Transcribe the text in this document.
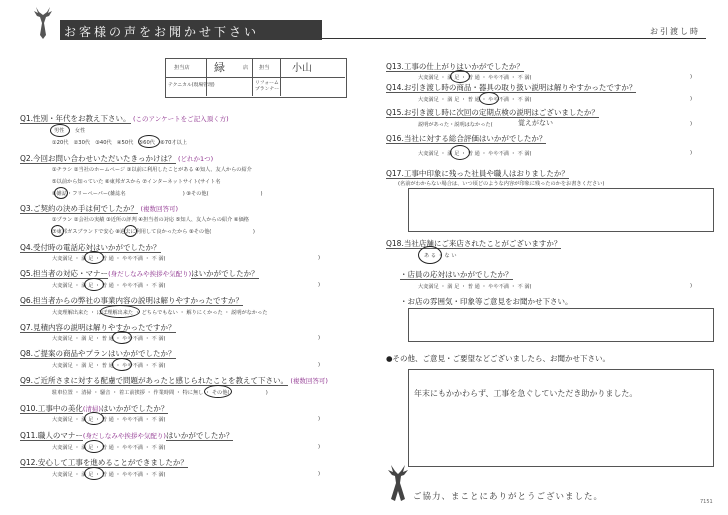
お客様の声をお聞かせ下さい	お引渡し時
担当店 緑	店 担当 小山
テクニカル(現場管理)	リフォーム プランナー
Q1.性別・年代をお教え下さい。 (このアンケートをご記入頂く方)
男性　　女性
①20代　②30代　③40代　④50代　⑤60代　⑥70才以上
Q2.今回お問い合わせいただいたきっかけは？ (どれか1つ)
①チラシ ②当社のホームページ ③以前に利用したことがある ④知人、友人からの紹介
⑤以前から知っていた ⑥東邦ガスから ⑦インターネットサイト(サイト名
⑧雑誌・フリーペーパー(雑誌名　　　　　　　　　　　) ⑨その他(　　　　　　　　　　)
Q3.ご契約の決め手は何でしたか？ (複数回答可)
①プラン ②会社の実績 ③近所の評判 ④担当者の対応 ⑤知人、友人からの紹介 ⑥価格
⑦東邦ガスブランドで安心 ⑧過去に利用して良かったから ⑨その他(　　　　　　　　)
Q4.受付時の電話応対はいかがでしたか？
大変満足 ・ 満 足 ・ 普 通 ・ やや不満 ・ 不 満(	)
Q5.担当者の対応・マナー(身だしなみや挨拶や気配り)はいかがでしたか？
大変満足 ・ 満 足 ・ 普 通 ・ やや不満 ・ 不 満(	)
Q6.担当者からの弊社の事業内容の説明は解りやすかったですか？
大変理解出来た ・ ほぼ理解出来た ・ どちらでもない ・ 解りにくかった ・ 説明がなかった
Q7.見積内容の説明は解りやすかったですか？
大変満足 ・ 満 足 ・ 普 通 ・ やや不満 ・ 不 満(	)
Q8.ご提案の商品やプランはいかがでしたか？
大変満足 ・ 満 足 ・ 普 通 ・ やや不満 ・ 不 満(	)
Q9.ご近所さまに対する配慮で問題があったと感じられたことを教えて下さい。 (複数回答可)
駐車位置 ・ 清掃 ・ 騒音 ・ 着工前挨拶 ・ 作業時間 ・ 特に無し ・ その他(　　　　　　　)
Q10.工事中の美化(清掃)はいかがでしたか？
大変満足 ・ 満 足 ・ 普 通 ・ やや不満 ・ 不 満(	)
Q11.職人のマナー(身だしなみや挨拶や気配り)はいかがでしたか？
大変満足 ・ 満 足 ・ 普 通 ・ やや不満 ・ 不 満(	)
Q12.安心して工事を進めることができましたか？
大変満足 ・ 満 足 ・ 普 通 ・ やや不満 ・ 不 満(	)
Q13.工事の仕上がりはいかがでしたか？
大変満足 ・ 満 足 ・ 普 通 ・ やや不満 ・ 不 満(	)
Q14.お引き渡し時の商品・器具の取り扱い説明は解りやすかったですか？
大変満足 ・ 満 足 ・ 普 通 ・ やや不満 ・ 不 満(	)
Q15.お引き渡し時に次回の定期点検の説明はございましたか？
説明があった・説明はなかった(	覚えがない	)
Q16.当社に対する総合評価はいかがでしたか？
大変満足 ・ 満 足 ・ 普 通 ・ やや不満 ・ 不 満(	)
Q17.工事中印象に残った社員や職人はおりましたか？
(名前がわからない場合は、いつ頃どのような内容が印象に残ったのかをお書きください)
Q18.当社店舗にご来店されたことがございますか？
あ る ・ な い
・店員の応対はいかがでしたか？
大変満足 ・ 満 足 ・ 普 通 ・ やや不満 ・ 不 満(	)
・お店の雰囲気・印象等ご意見をお聞かせ下さい。
●その他、ご意見・ご要望などございましたら、お聞かせ下さい。
年末にもかかわらず、工事を急ぐしていただき助かりました。
ご協力、まことにありがとうございました。	7151
